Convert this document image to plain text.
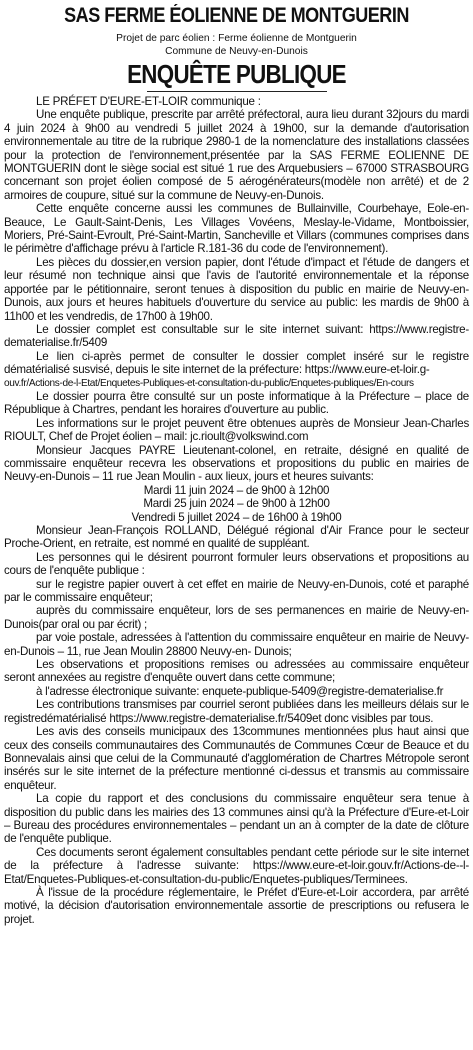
SAS FERME ÉOLIENNE DE MONTGUERIN

Projet de parc éolien : Ferme éolienne de Montguerin

Commune de Neuvy-en-Dunois

ENQUÊTE PUBLIQUE

LE PRÉFET D'EURE-ET-LOIR communique :

Une enquête publique, prescrite par arrêté préfectoral, aura lieu durant 32jours du mardi 4 juin 2024 à 9h00 au vendredi 5 juillet 2024 à 19h00, sur la demande d'autorisation environnementale au titre de la rubrique 2980-1 de la nomenclature des installations classées pour la protection de l'environnement,présentée par la SAS FERME EOLIENNE DE MONTGUERIN dont le siège social est situé 1 rue des Arquebusiers – 67000 STRASBOURG concernant son projet éolien composé de 5 aérogénérateurs(modèle non arrêté) et de 2 armoires de coupure, situé sur la commune de Neuvy-en-Dunois.

Cette enquête concerne aussi les communes de Bullainville, Courbehaye, Eole-en-Beauce, Le Gault-Saint-Denis, Les Villages Vovéens, Meslay-le-Vidame, Montboissier, Moriers, Pré-Saint-Evroult, Pré-Saint-Martin, Sancheville et Villars (communes comprises dans le périmètre d'affichage prévu à l'article R.181-36 du code de l'environnement).

Les pièces du dossier,en version papier, dont l'étude d'impact et l'étude de dangers et leur résumé non technique ainsi que l'avis de l'autorité environnementale et la réponse apportée par le pétitionnaire, seront tenues à disposition du public en mairie de Neuvy-en-Dunois, aux jours et heures habituels d'ouverture du service au public: les mardis de 9h00 à 11h00 et les vendredis, de 17h00 à 19h00.

Le dossier complet est consultable sur le site internet suivant: https://www.registre-dematerialise.fr/5409

Le lien ci-après permet de consulter le dossier complet inséré sur le registre dématérialisé susvisé, depuis le site internet de la préfecture: https://www.eure-et-loir.g-

ouv.fr/Actions-de-l-Etat/Enquetes-Publiques-et-consultation-du-public/Enquetes-publiques/En-cours

Le dossier pourra être consulté sur un poste informatique à la Préfecture – place de République à Chartres, pendant les horaires d'ouverture au public.

Les informations sur le projet peuvent être obtenues auprès de Monsieur Jean-Charles RIOULT, Chef de Projet éolien – mail: jc.rioult@volkswind.com

Monsieur Jacques PAYRE Lieutenant-colonel, en retraite, désigné en qualité de commissaire enquêteur recevra les observations et propositions du public en mairies de Neuvy-en-Dunois – 11 rue Jean Moulin - aux lieux, jours et heures suivants:

Mardi 11 juin 2024 – de 9h00 à 12h00

Mardi 25 juin 2024 – de 9h00 à 12h00

Vendredi 5 juillet 2024 – de 16h00 à 19h00

Monsieur Jean-François ROLLAND, Délégué régional d'Air France pour le secteur Proche-Orient, en retraite, est nommé en qualité de suppléant.

Les personnes qui le désirent pourront formuler leurs observations et propositions au cours de l'enquête publique :

sur le registre papier ouvert à cet effet en mairie de Neuvy-en-Dunois, coté et paraphé par le commissaire enquêteur;

auprès du commissaire enquêteur, lors de ses permanences en mairie de Neuvy-en-Dunois(par oral ou par écrit) ;

par voie postale, adressées à l'attention du commissaire enquêteur en mairie de Neuvy- en-Dunois – 11, rue Jean Moulin 28800 Neuvy-en- Dunois;

Les observations et propositions remises ou adressées au commissaire enquêteur seront annexées au registre d'enquête ouvert dans cette commune;

à l'adresse électronique suivante: enquete-publique-5409@registre-dematerialise.fr

Les contributions transmises par courriel seront publiées dans les meilleurs délais sur le registredématérialisé https://www.registre-dematerialise.fr/5409et donc visibles par tous.

Les avis des conseils municipaux des 13communes mentionnées plus haut ainsi que ceux des conseils communautaires des Communautés de Communes Cœur de Beauce et du Bonnevalais ainsi que celui de la Communauté d'agglomération de Chartres Métropole seront insérés sur le site internet de la préfecture mentionné ci-dessus et transmis au commissaire enquêteur.

La copie du rapport et des conclusions du commissaire enquêteur sera tenue à disposition du public dans les mairies des 13 communes ainsi qu'à la Préfecture d'Eure-et-Loir – Bureau des procédures environnementales – pendant un an à compter de la date de clôture de l'enquête publique.

Ces documents seront également consultables pendant cette période sur le site internet de la préfecture à l'adresse suivante: https://www.eure-et-loir.gouv.fr/Actions-de--l-Etat/Enquetes-Publiques-et-consultation-du-public/Enquetes-publiques/Terminees.

À l'issue de la procédure réglementaire, le Préfet d'Eure-et-Loir accordera, par arrêté motivé, la décision d'autorisation environnementale assortie de prescriptions ou refusera le projet.
